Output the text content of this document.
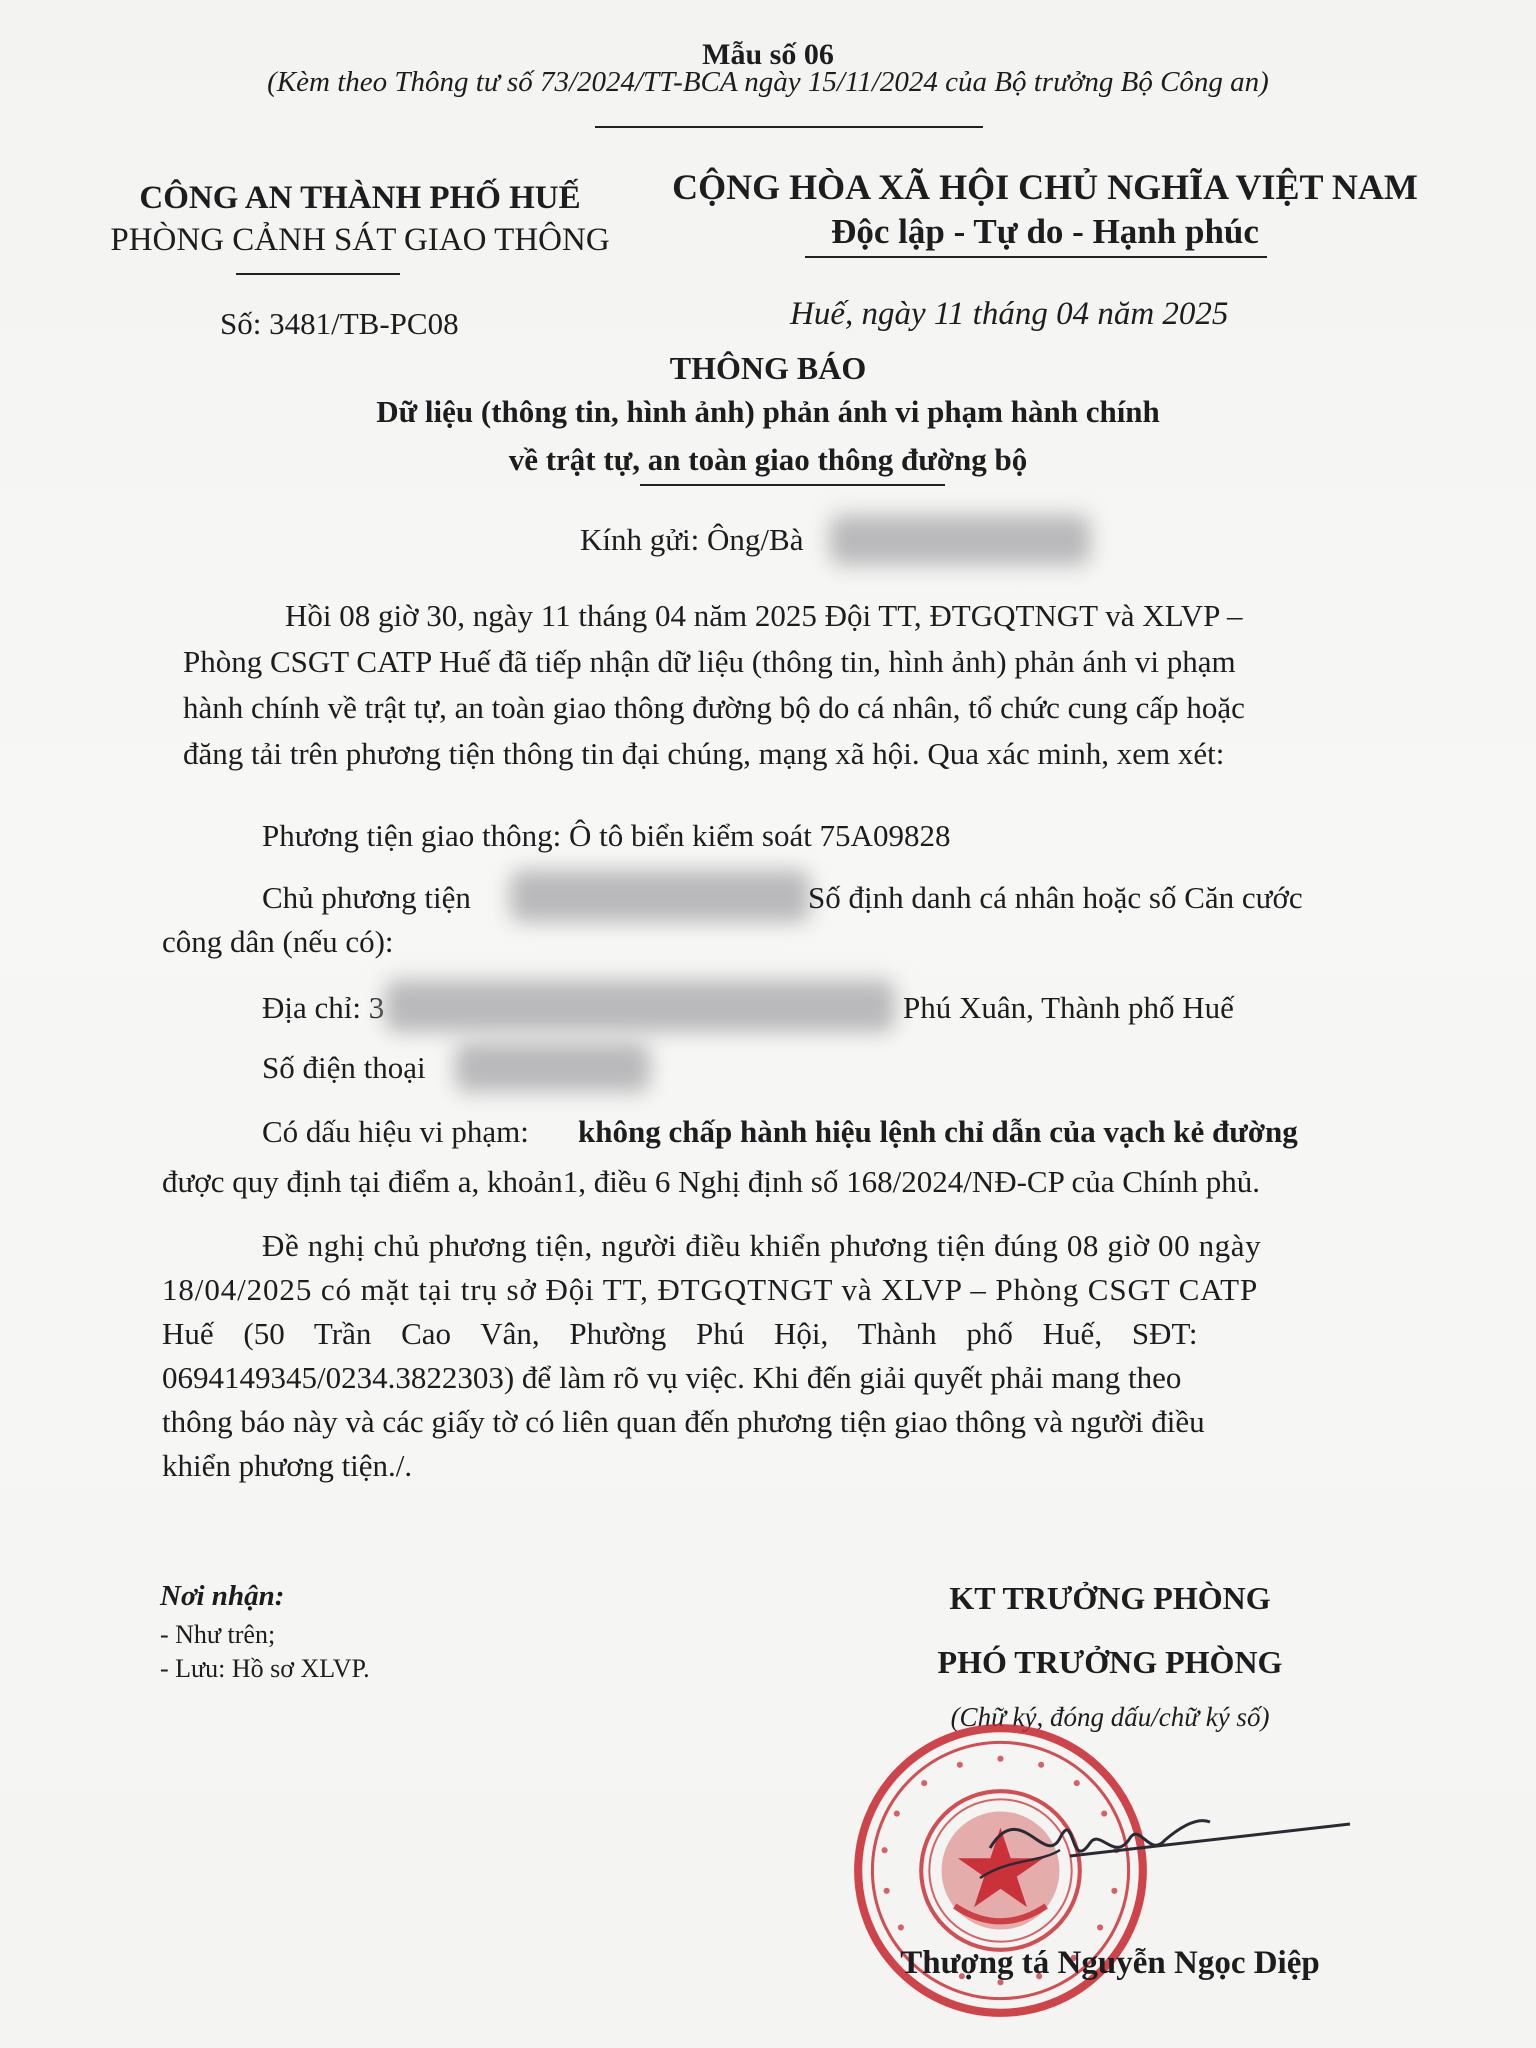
Mẫu số 06
(Kèm theo Thông tư số 73/2024/TT-BCA ngày 15/11/2024 của Bộ trưởng Bộ Công an)
CÔNG AN THÀNH PHỐ HUẾ
PHÒNG CẢNH SÁT GIAO THÔNG
Số: 3481/TB-PC08
CỘNG HÒA XÃ HỘI CHỦ NGHĨA VIỆT NAM
Độc lập - Tự do - Hạnh phúc
Huế, ngày 11 tháng 04 năm 2025
THÔNG BÁO
Dữ liệu (thông tin, hình ảnh) phản ánh vi phạm hành chính
về trật tự, an toàn giao thông đường bộ
Kính gửi: Ông/Bà
Hồi 08 giờ 30, ngày 11 tháng 04 năm 2025 Đội TT, ĐTGQTNGT và XLVP –
Phòng CSGT CATP Huế đã tiếp nhận dữ liệu (thông tin, hình ảnh) phản ánh vi phạm
hành chính về trật tự, an toàn giao thông đường bộ do cá nhân, tổ chức cung cấp hoặc
đăng tải trên phương tiện thông tin đại chúng, mạng xã hội. Qua xác minh, xem xét:
Phương tiện giao thông: Ô tô biển kiểm soát 75A09828
Chủ phương tiện	Số định danh cá nhân hoặc số Căn cước
công dân (nếu có):
Địa chỉ: 3	Phú Xuân, Thành phố Huế
Số điện thoại
Có dấu hiệu vi phạm:	không chấp hành hiệu lệnh chỉ dẫn của vạch kẻ đường
được quy định tại điểm a, khoản1, điều 6 Nghị định số 168/2024/NĐ-CP của Chính phủ.
Đề nghị chủ phương tiện, người điều khiển phương tiện đúng 08 giờ 00 ngày
18/04/2025 có mặt tại trụ sở Đội TT, ĐTGQTNGT và XLVP – Phòng CSGT CATP
Huế (50 Trần Cao Vân, Phường Phú Hội, Thành phố Huế, SĐT:
0694149345/0234.3822303) để làm rõ vụ việc. Khi đến giải quyết phải mang theo
thông báo này và các giấy tờ có liên quan đến phương tiện giao thông và người điều
khiển phương tiện./.
Nơi nhận:
- Như trên;
- Lưu: Hồ sơ XLVP.
KT TRƯỞNG PHÒNG
PHÓ TRƯỞNG PHÒNG
(Chữ ký, đóng dấu/chữ ký số)
Thượng tá Nguyễn Ngọc Diệp
